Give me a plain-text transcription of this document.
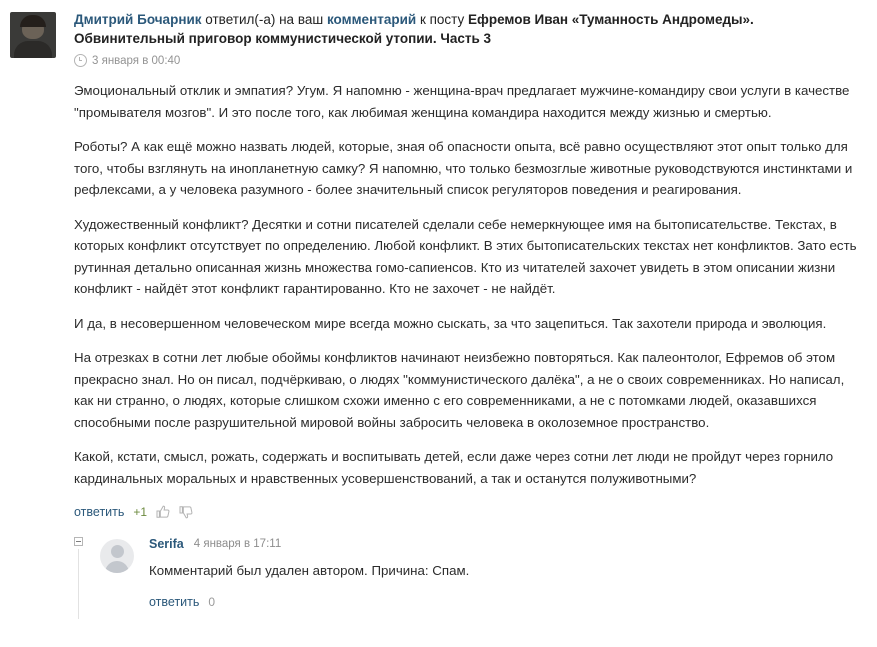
Дмитрий Бочарник ответил(-а) на ваш комментарий к посту Ефремов Иван «Туманность Андромеды». Обвинительный приговор коммунистической утопии. Часть 3
3 января в 00:40
Эмоциональный отклик и эмпатия? Угум. Я напомню - женщина-врач предлагает мужчине-командиру свои услуги в качестве "промывателя мозгов". И это после того, как любимая женщина командира находится между жизнью и смертью.
Роботы? А как ещё можно назвать людей, которые, зная об опасности опыта, всё равно осуществляют этот опыт только для того, чтобы взглянуть на инопланетную самку? Я напомню, что только безмозглые животные руководствуются инстинктами и рефлексами, а у человека разумного - более значительный список регуляторов поведения и реагирования.
Художественный конфликт? Десятки и сотни писателей сделали себе немеркнующее имя на бытописательстве. Текстах, в которых конфликт отсутствует по определению. Любой конфликт. В этих бытописательских текстах нет конфликтов. Зато есть рутинная детально описанная жизнь множества гомо-сапиенсов. Кто из читателей захочет увидеть в этом описании жизни конфликт - найдёт этот конфликт гарантированно. Кто не захочет - не найдёт.
И да, в несовершенном человеческом мире всегда можно сыскать, за что зацепиться. Так захотели природа и эволюция.
На отрезках в сотни лет любые обоймы конфликтов начинают неизбежно повторяться. Как палеонтолог, Ефремов об этом прекрасно знал. Но он писал, подчёркиваю, о людях "коммунистического далёка", а не о своих современниках. Но написал, как ни странно, о людях, которые слишком схожи именно с его современниками, а не с потомками людей, оказавшихся способными после разрушительной мировой войны забросить человека в околоземное пространство.
Какой, кстати, смысл, рожать, содержать и воспитывать детей, если даже через сотни лет люди не пройдут через горнило кардинальных моральных и нравственных усовершенствований, а так и останутся полуживотными?
ответить +1
Serifa 4 января в 17:11
Комментарий был удален автором. Причина: Спам.
ответить 0
